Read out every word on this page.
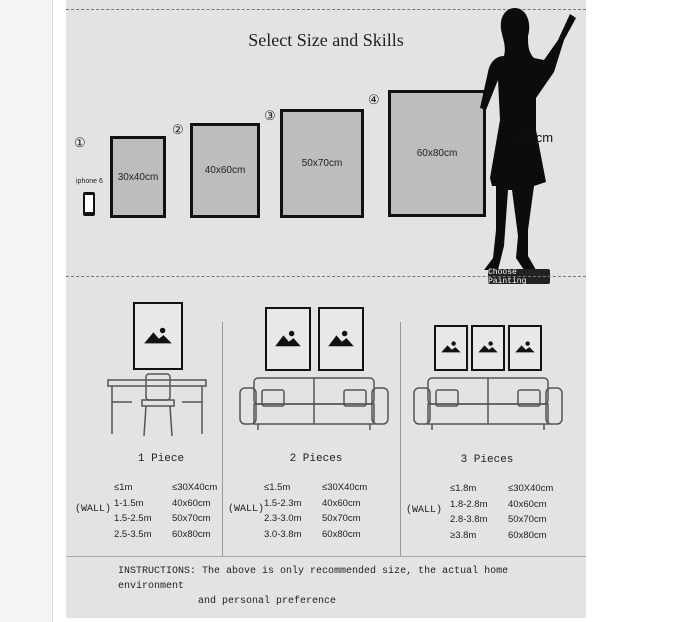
Select Size and Skills
①
30x40cm
②
40x60cm
③
50x70cm
④
60x80cm
iphone 6
170cm
Choose Painting
1 Piece	2 Pieces	3 Pieces
(WALL)	(WALL)	(WALL)
≤1m	≤30X40cm
1-1.5m	40x60cm
1.5-2.5m	50x70cm
2.5-3.5m	60x80cm
≤1.5m	≤30X40cm
1.5-2.3m	40x60cm
2.3-3.0m	50x70cm
3.0-3.8m	60x80cm
≤1.8m	≤30X40cm
1.8-2.8m	40x60cm
2.8-3.8m	50x70cm
≥3.8m	60x80cm
INSTRUCTIONS: The above is only recommended size, the actual home environment
and personal preference
